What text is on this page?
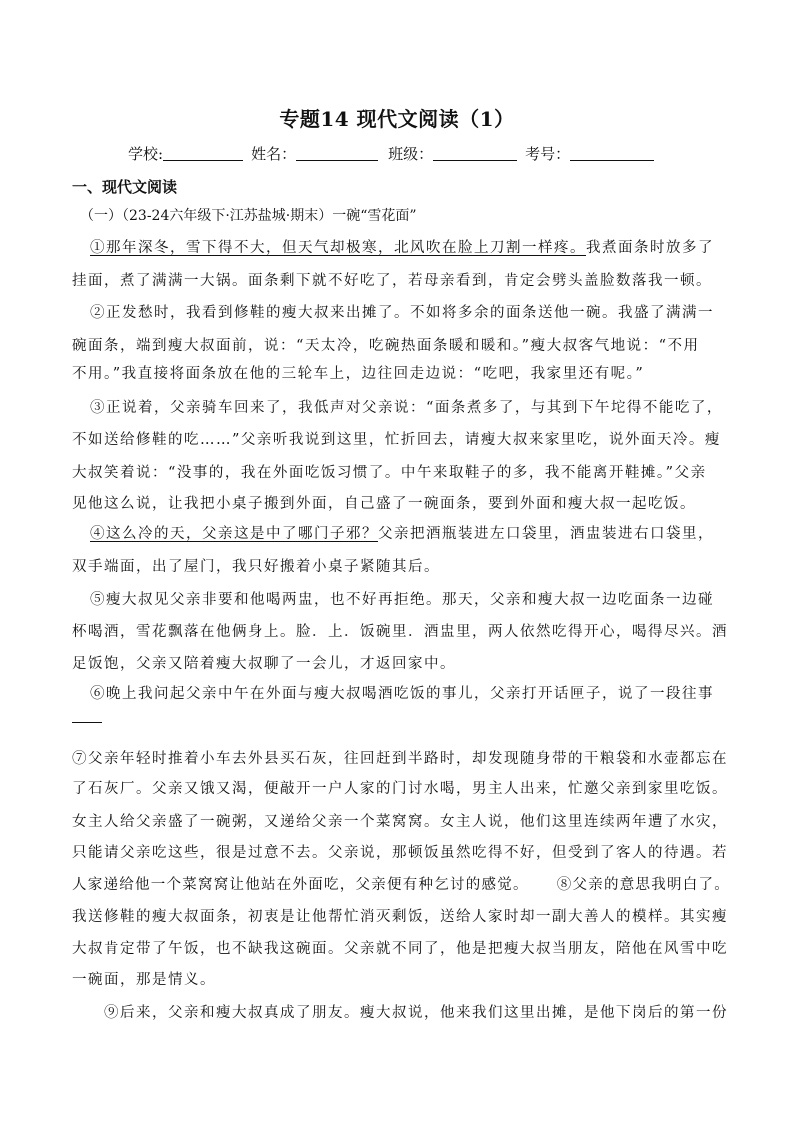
专题14 现代文阅读（1）
学校:	姓名：	班级：	考号：
一、现代文阅读
（一）（23-24六年级下·江苏盐城·期末）一碗“雪花面”
①那年深冬，雪下得不大，但天气却极寒，北风吹在脸上刀割一样疼。我煮面条时放多了
挂面，煮了满满一大锅。面条剩下就不好吃了，若母亲看到，肯定会劈头盖脸数落我一顿。
②正发愁时，我看到修鞋的瘦大叔来出摊了。不如将多余的面条送他一碗。我盛了满满一
碗面条，端到瘦大叔面前，说：“天太冷，吃碗热面条暖和暖和。”瘦大叔客气地说：“不用
不用。”我直接将面条放在他的三轮车上，边往回走边说：“吃吧，我家里还有呢。”
③正说着，父亲骑车回来了，我低声对父亲说：“面条煮多了，与其到下午坨得不能吃了，
不如送给修鞋的吃……”父亲听我说到这里，忙折回去，请瘦大叔来家里吃，说外面天冷。瘦
大叔笑着说：“没事的，我在外面吃饭习惯了。中午来取鞋子的多，我不能离开鞋摊。”父亲
见他这么说，让我把小桌子搬到外面，自己盛了一碗面条，要到外面和瘦大叔一起吃饭。
④这么冷的天，父亲这是中了哪门子邪？父亲把酒瓶装进左口袋里，酒盅装进右口袋里，
双手端面，出了屋门，我只好搬着小桌子紧随其后。
⑤瘦大叔见父亲非要和他喝两盅，也不好再拒绝。那天，父亲和瘦大叔一边吃面条一边碰
杯喝酒，雪花飘落在他俩身上。脸．上．饭碗里．酒盅里，两人依然吃得开心，喝得尽兴。酒
足饭饱，父亲又陪着瘦大叔聊了一会儿，才返回家中。
⑥晚上我问起父亲中午在外面与瘦大叔喝酒吃饭的事儿，父亲打开话匣子，说了一段往事
⑦父亲年轻时推着小车去外县买石灰，往回赶到半路时，却发现随身带的干粮袋和水壶都忘在
了石灰厂。父亲又饿又渴，便敲开一户人家的门讨水喝，男主人出来，忙邀父亲到家里吃饭。
女主人给父亲盛了一碗粥，又递给父亲一个菜窝窝。女主人说，他们这里连续两年遭了水灾，
只能请父亲吃这些，很是过意不去。父亲说，那顿饭虽然吃得不好，但受到了客人的待遇。若
人家递给他一个菜窝窝让他站在外面吃，父亲便有种乞讨的感觉。 ⑧父亲的意思我明白了。
我送修鞋的瘦大叔面条，初衷是让他帮忙消灭剩饭，送给人家时却一副大善人的模样。其实瘦
大叔肯定带了午饭，也不缺我这碗面。父亲就不同了，他是把瘦大叔当朋友，陪他在风雪中吃
一碗面，那是情义。
⑨后来，父亲和瘦大叔真成了朋友。瘦大叔说，他来我们这里出摊，是他下岗后的第一份
